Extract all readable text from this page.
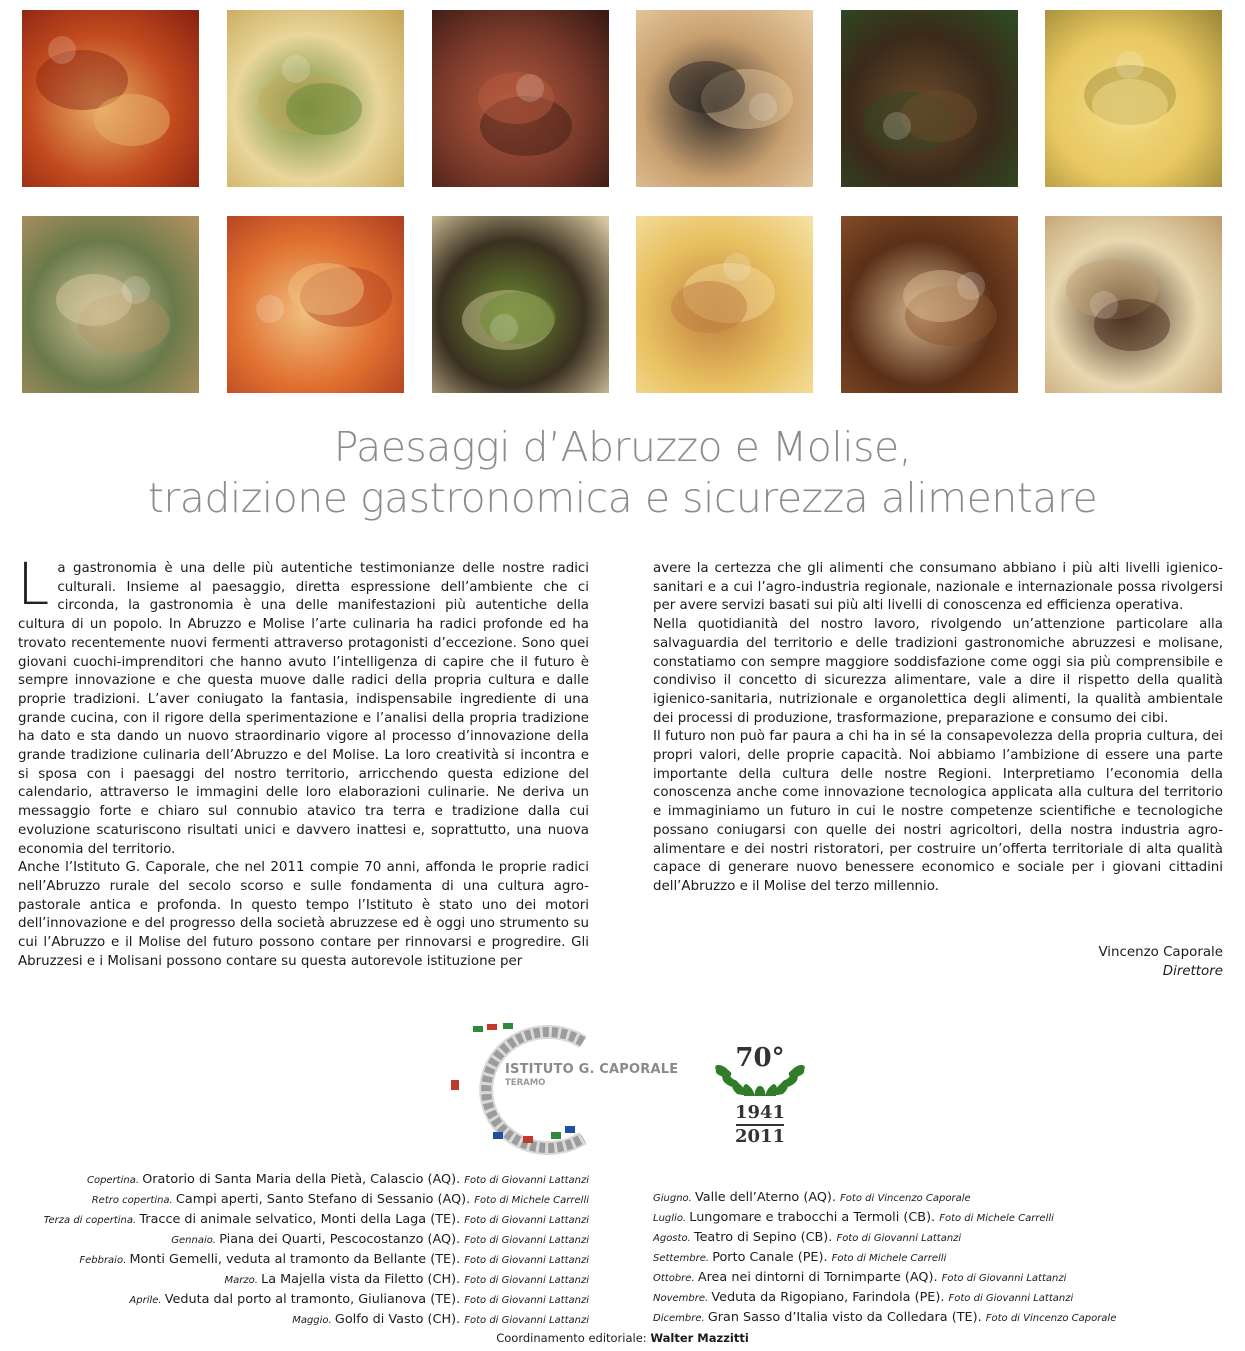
Paesaggi d’Abruzzo e Molise,
tradizione gastronomica e sicurezza alimentare

La gastronomia è una delle più autentiche testimonianze delle nostre radici culturali. Insieme al paesaggio, diretta espressione dell’ambiente che ci circonda, la gastronomia è una delle manifestazioni più autentiche della cultura di un popolo. In Abruzzo e Molise l’arte culinaria ha radici profonde ed ha trovato recentemente nuovi fermenti attraverso protagonisti d’eccezione. Sono quei giovani cuochi-imprenditori che hanno avuto l’intelligenza di capire che il futuro è sempre innovazione e che questa muove dalle radici della propria cultura e dalle proprie tradizioni. L’aver coniugato la fantasia, indispensabile ingrediente di una grande cucina, con il rigore della sperimentazione e l’analisi della propria tradizione ha dato e sta dando un nuovo straordinario vigore al processo d’innovazione della grande tradizione culinaria dell’Abruzzo e del Molise. La loro creatività si incontra e si sposa con i paesaggi del nostro territorio, arricchendo questa edizione del calendario, attraverso le immagini delle loro elaborazioni culinarie. Ne deriva un messaggio forte e chiaro sul connubio atavico tra terra e tradizione dalla cui evoluzione scaturiscono risultati unici e davvero inattesi e, soprattutto, una nuova economia del territorio.

Anche l’Istituto G. Caporale, che nel 2011 compie 70 anni, affonda le proprie radici nell’Abruzzo rurale del secolo scorso e sulle fondamenta di una cultura agro-pastorale antica e profonda. In questo tempo l’Istituto è stato uno dei motori dell’innovazione e del progresso della società abruzzese ed è oggi uno strumento su cui l’Abruzzo e il Molise del futuro possono contare per rinnovarsi e progredire. Gli Abruzzesi e i Molisani possono contare su questa autorevole istituzione per

avere la certezza che gli alimenti che consumano abbiano i più alti livelli igienico-sanitari e a cui l’agro-industria regionale, nazionale e internazionale possa rivolgersi per avere servizi basati sui più alti livelli di conoscenza ed efficienza operativa.

Nella quotidianità del nostro lavoro, rivolgendo un’attenzione particolare alla salvaguardia del territorio e delle tradizioni gastronomiche abruzzesi e molisane, constatiamo con sempre maggiore soddisfazione come oggi sia più comprensibile e condiviso il concetto di sicurezza alimentare, vale a dire il rispetto della qualità igienico-sanitaria, nutrizionale e organolettica degli alimenti, la qualità ambientale dei processi di produzione, trasformazione, preparazione e consumo dei cibi.

Il futuro non può far paura a chi ha in sé la consapevolezza della propria cultura, dei propri valori, delle proprie capacità. Noi abbiamo l’ambizione di essere una parte importante della cultura delle nostre Regioni. Interpretiamo l’economia della conoscenza anche come innovazione tecnologica applicata alla cultura del territorio e immaginiamo un futuro in cui le nostre competenze scientifiche e tecnologiche possano coniugarsi con quelle dei nostri agricoltori, della nostra industria agro-alimentare e dei nostri ristoratori, per costruire un’offerta territoriale di alta qualità capace di generare nuovo benessere economico e sociale per i giovani cittadini dell’Abruzzo e il Molise del terzo millennio.

Vincenzo Caporale
Direttore
ISTITUTO G. CAPORALE
TERAMO
70°
1941
2011
Copertina. Oratorio di Santa Maria della Pietà, Calascio (AQ). Foto di Giovanni Lattanzi
Retro copertina. Campi aperti, Santo Stefano di Sessanio (AQ). Foto di Michele Carrelli
Terza di copertina. Tracce di animale selvatico, Monti della Laga (TE). Foto di Giovanni Lattanzi
Gennaio. Piana dei Quarti, Pescocostanzo (AQ). Foto di Giovanni Lattanzi
Febbraio. Monti Gemelli, veduta al tramonto da Bellante (TE). Foto di Giovanni Lattanzi
Marzo. La Majella vista da Filetto (CH). Foto di Giovanni Lattanzi
Aprile. Veduta dal porto al tramonto, Giulianova (TE). Foto di Giovanni Lattanzi
Maggio. Golfo di Vasto (CH). Foto di Giovanni Lattanzi
Giugno. Valle dell’Aterno (AQ). Foto di Vincenzo Caporale
Luglio. Lungomare e trabocchi a Termoli (CB). Foto di Michele Carrelli
Agosto. Teatro di Sepino (CB). Foto di Giovanni Lattanzi
Settembre. Porto Canale (PE). Foto di Michele Carrelli
Ottobre. Area nei dintorni di Tornimparte (AQ). Foto di Giovanni Lattanzi
Novembre. Veduta da Rigopiano, Farindola (PE). Foto di Giovanni Lattanzi
Dicembre. Gran Sasso d’Italia visto da Colledara (TE). Foto di Vincenzo Caporale
Coordinamento editoriale: Walter Mazzitti
